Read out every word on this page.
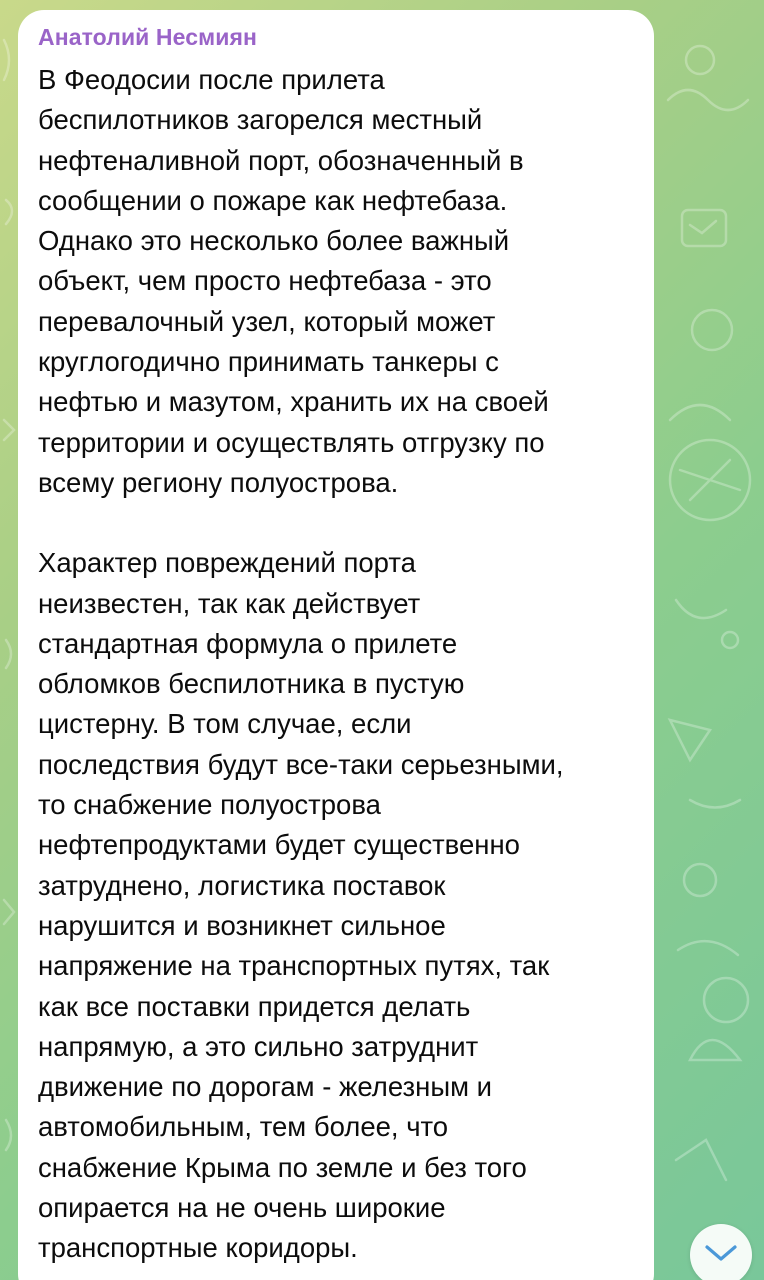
Анатолий Несмиян

В Феодосии после прилета
беспилотников загорелся местный
нефтеналивной порт, обозначенный в
сообщении о пожаре как нефтебаза.
Однако это несколько более важный
объект, чем просто нефтебаза - это
перевалочный узел, который может
круглогодично принимать танкеры с
нефтью и мазутом, хранить их на своей
территории и осуществлять отгрузку по
всему региону полуострова.

Характер повреждений порта
неизвестен, так как действует
стандартная формула о прилете
обломков беспилотника в пустую
цистерну. В том случае, если
последствия будут все-таки серьезными,
то снабжение полуострова
нефтепродуктами будет существенно
затруднено, логистика поставок
нарушится и возникнет сильное
напряжение на транспортных путях, так
как все поставки придется делать
напрямую, а это сильно затруднит
движение по дорогам - железным и
автомобильным, тем более, что
снабжение Крыма по земле и без того
опирается на не очень широкие
транспортные коридоры.
